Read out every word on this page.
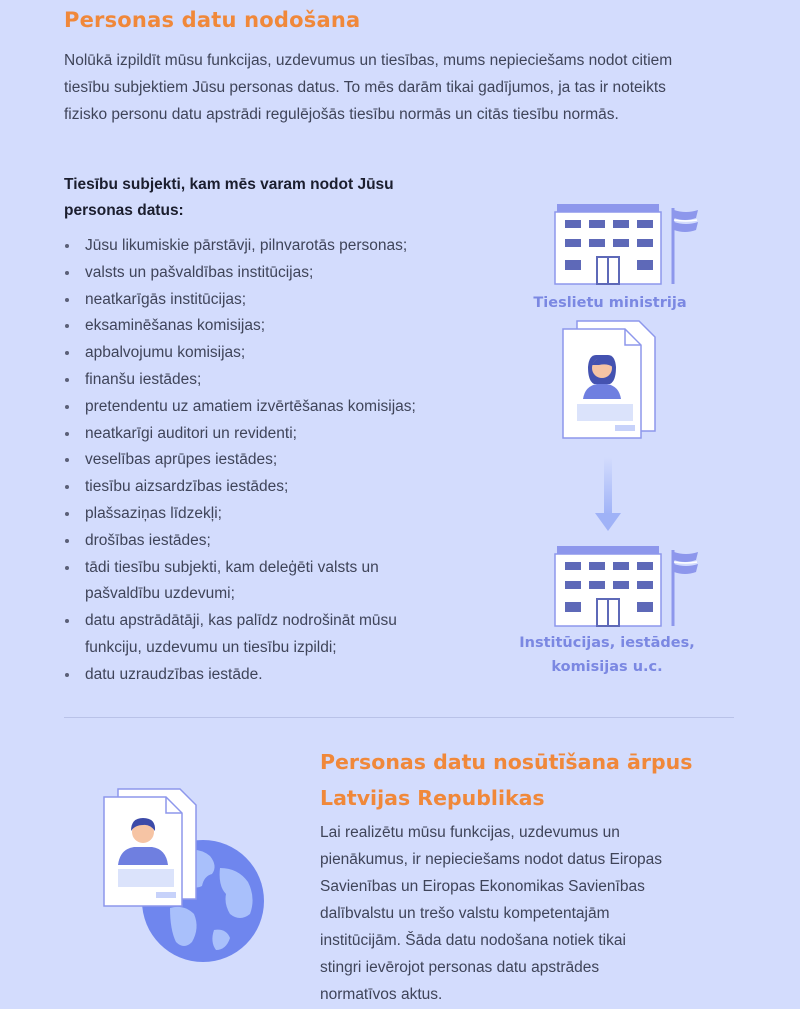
Personas datu nodošana

Nolūkā izpildīt mūsu funkcijas, uzdevumus un tiesības, mums nepieciešams nodot citiem tiesību subjektiem Jūsu personas datus. To mēs darām tikai gadījumos, ja tas ir noteikts fizisko personu datu apstrādi regulējošās tiesību normās un citās tiesību normās.

Tiesību subjekti, kam mēs varam nodot Jūsu personas datus:

Jūsu likumiskie pārstāvji, pilnvarotās personas;
valsts un pašvaldības institūcijas;
neatkarīgās institūcijas;
eksaminēšanas komisijas;
apbalvojumu komisijas;
finanšu iestādes;
pretendentu uz amatiem izvērtēšanas komisijas;
neatkarīgi auditori un revidenti;
veselības aprūpes iestādes;
tiesību aizsardzības iestādes;
plašsaziņas līdzekļi;
drošības iestādes;
tādi tiesību subjekti, kam deleģēti valsts un pašvaldību uzdevumi;
datu apstrādātāji, kas palīdz nodrošināt mūsu funkciju, uzdevumu un tiesību izpildi;
datu uzraudzības iestāde.
Tieslietu ministrija
Institūcijas, iestādes, komisijas u.c.
Personas datu nosūtīšana ārpus Latvijas Republikas

Lai realizētu mūsu funkcijas, uzdevumus un pienākumus, ir nepieciešams nodot datus Eiropas Savienības un Eiropas Ekonomikas Savienības dalībvalstu un trešo valstu kompetentajām institūcijām. Šāda datu nodošana notiek tikai stingri ievērojot personas datu apstrādes normatīvos aktus.
